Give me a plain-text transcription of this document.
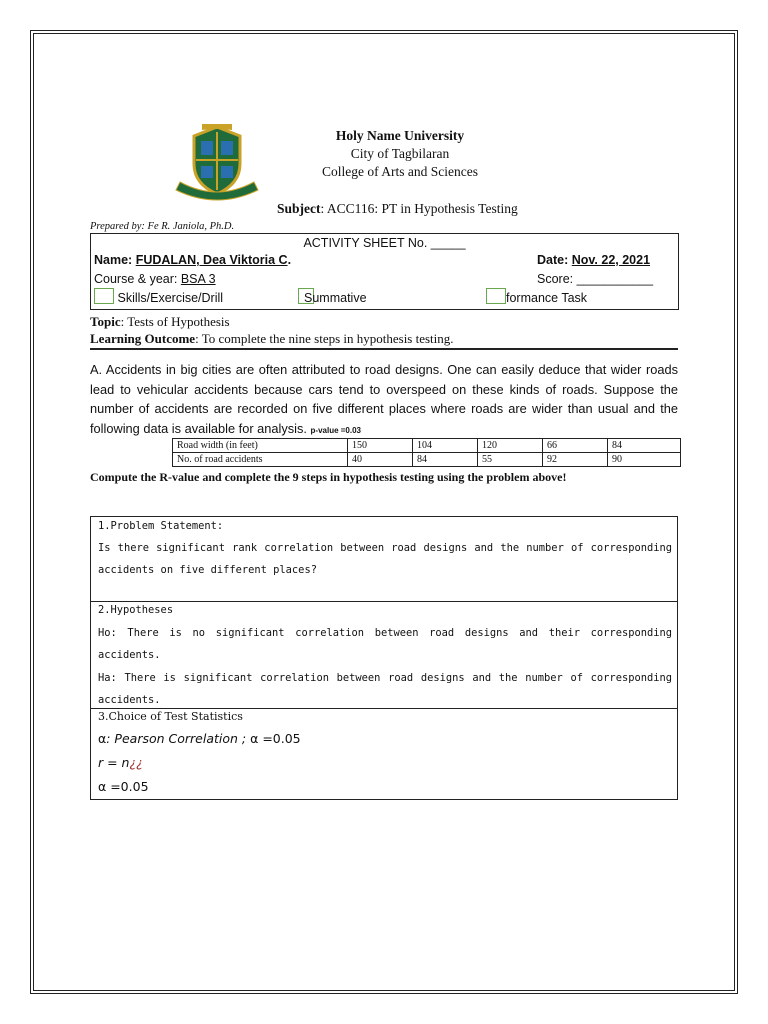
Holy Name University
City of Tagbilaran
College of Arts and Sciences
Subject: ACC116: PT in Hypothesis Testing
Prepared by: Fe R. Janiola, Ph.D.
ACTIVITY SHEET No. _____
Name: FUDALAN, Dea Viktoria C.	Date: Nov. 22, 2021
Course & year: BSA 3	Score: ___________
Skills/Exercise/Drill	Summative	formance Task
Topic: Tests of Hypothesis
Learning Outcome: To complete the nine steps in hypothesis testing.
A. Accidents in big cities are often attributed to road designs. One can easily deduce that wider roads lead to vehicular accidents because cars tend to overspeed on these kinds of roads. Suppose the number of accidents are recorded on five different places where roads are wider than usual and the following data is available for analysis. p-value =0.03
Road width (in feet)	150	104	120	66	84
No. of road accidents	40	84	55	92	90
Compute the R-value and complete the 9 steps in hypothesis testing using the problem above!
1.Problem Statement:
Is there significant rank correlation between road designs and the number of corresponding accidents on five different places?
2.Hypotheses
Ho: There is no significant correlation between road designs and their corresponding accidents.
Ha: There is significant correlation between road designs and the number of corresponding accidents.
3.Choice of Test Statistics
α: Pearson Correlation ; α =0.05
r = n¿¿
α =0.05
